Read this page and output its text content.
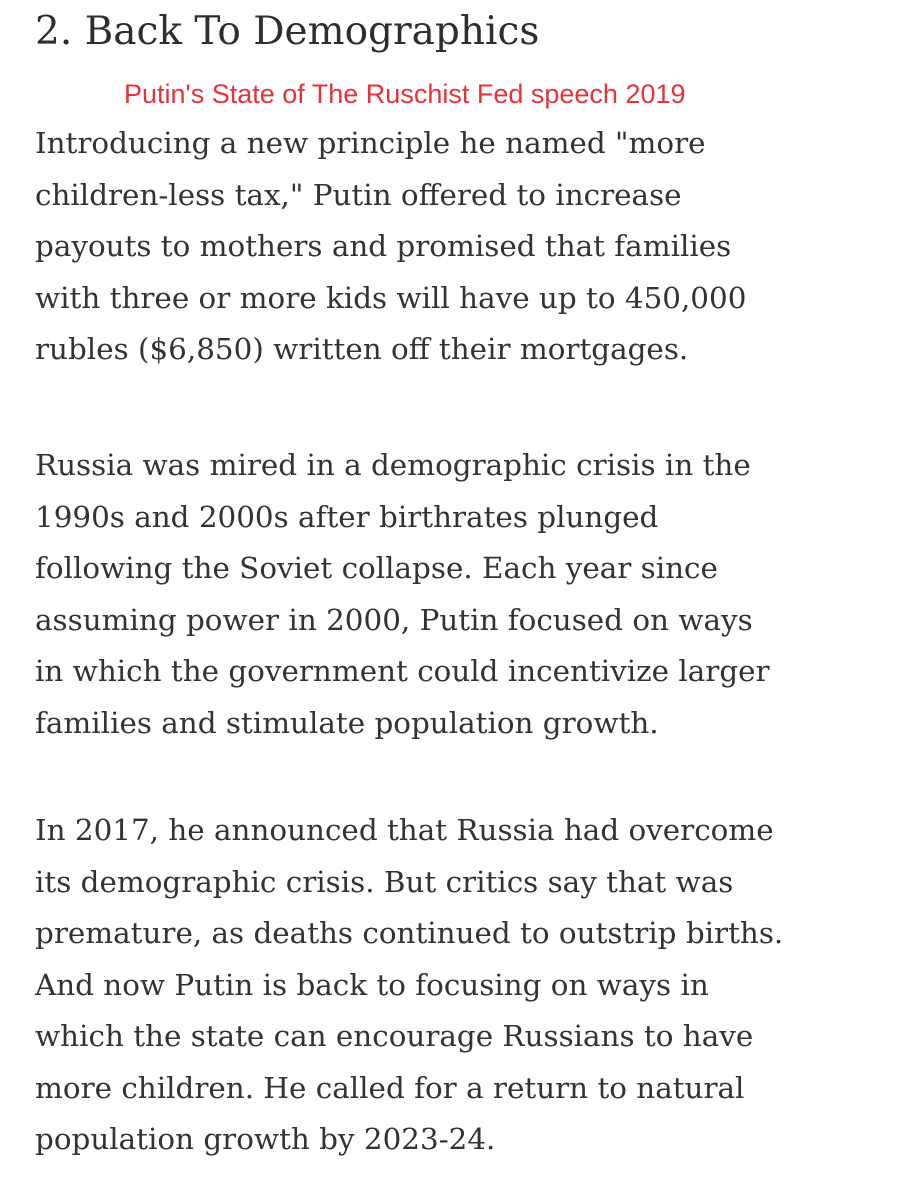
2. Back To Demographics

Putin's State of The Ruschist Fed speech 2019

Introducing a new principle he named "more
children-less tax," Putin offered to increase
payouts to mothers and promised that families
with three or more kids will have up to 450,000
rubles ($6,850) written off their mortgages.

Russia was mired in a demographic crisis in the
1990s and 2000s after birthrates plunged
following the Soviet collapse. Each year since
assuming power in 2000, Putin focused on ways
in which the government could incentivize larger
families and stimulate population growth.

In 2017, he announced that Russia had overcome
its demographic crisis. But critics say that was
premature, as deaths continued to outstrip births.
And now Putin is back to focusing on ways in
which the state can encourage Russians to have
more children. He called for a return to natural
population growth by 2023-24.
